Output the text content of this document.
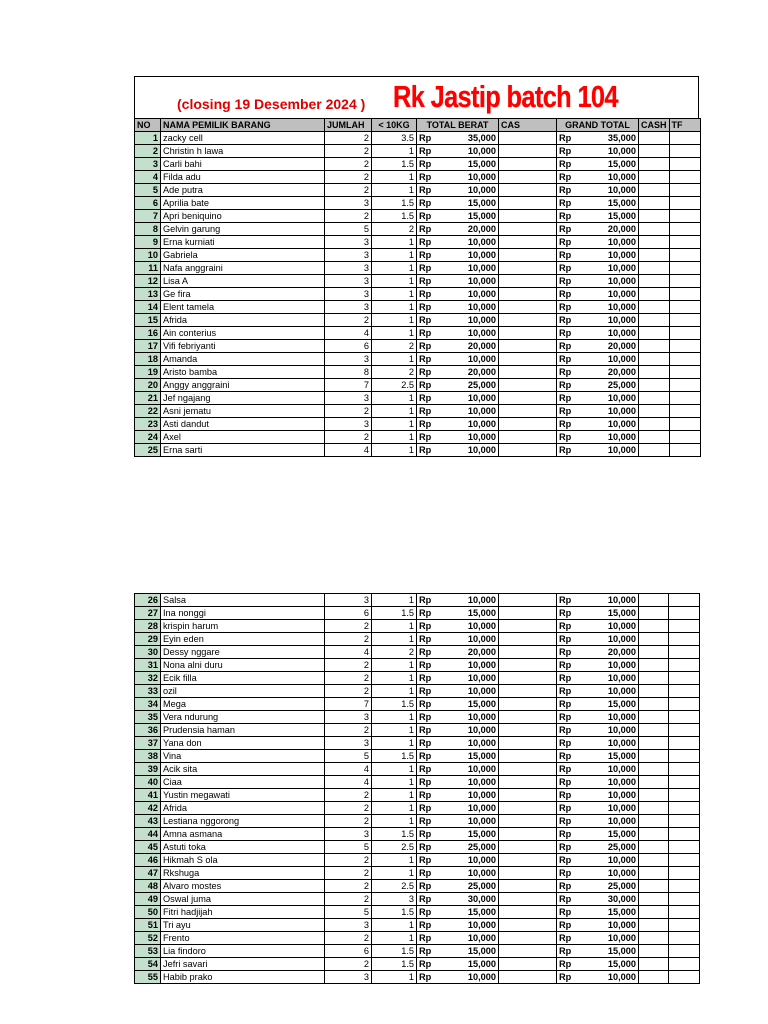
(closing 19 Desember 2024 ) Rk Jastip batch 104
NO	NAMA PEMILIK BARANG	JUMLAH	< 10KG	TOTAL BERAT		CAS	GRAND TOTAL		CASH	TF
1	zacky cell	2	3.5	Rp	35,000		Rp	35,000		
2	Christin h lawa	2	1	Rp	10,000		Rp	10,000		
3	Carli bahi	2	1.5	Rp	15,000		Rp	15,000		
4	Filda adu	2	1	Rp	10,000		Rp	10,000		
5	Ade putra	2	1	Rp	10,000		Rp	10,000		
6	Aprilia bate	3	1.5	Rp	15,000		Rp	15,000		
7	Apri beniquino	2	1.5	Rp	15,000		Rp	15,000		
8	Gelvin garung	5	2	Rp	20,000		Rp	20,000		
9	Erna kurniati	3	1	Rp	10,000		Rp	10,000		
10	Gabriela	3	1	Rp	10,000		Rp	10,000		
11	Nafa anggraini	3	1	Rp	10,000		Rp	10,000		
12	Lisa A	3	1	Rp	10,000		Rp	10,000		
13	Ge fira	3	1	Rp	10,000		Rp	10,000		
14	Elent tamela	3	1	Rp	10,000		Rp	10,000		
15	Afrida	2	1	Rp	10,000		Rp	10,000		
16	Ain conterius	4	1	Rp	10,000		Rp	10,000		
17	Vifi febriyanti	6	2	Rp	20,000		Rp	20,000		
18	Amanda	3	1	Rp	10,000		Rp	10,000		
19	Aristo bamba	8	2	Rp	20,000		Rp	20,000		
20	Anggy anggraini	7	2.5	Rp	25,000		Rp	25,000		
21	Jef ngajang	3	1	Rp	10,000		Rp	10,000		
22	Asni jematu	2	1	Rp	10,000		Rp	10,000		
23	Asti dandut	3	1	Rp	10,000		Rp	10,000		
24	Axel	2	1	Rp	10,000		Rp	10,000		
25	Erna sarti	4	1	Rp	10,000		Rp	10,000		
26	Salsa	3	1	Rp	10,000		Rp	10,000		
27	Ina nonggi	6	1.5	Rp	15,000		Rp	15,000		
28	krispin harum	2	1	Rp	10,000		Rp	10,000		
29	Eyin eden	2	1	Rp	10,000		Rp	10,000		
30	Dessy nggare	4	2	Rp	20,000		Rp	20,000		
31	Nona alni duru	2	1	Rp	10,000		Rp	10,000		
32	Ecik filla	2	1	Rp	10,000		Rp	10,000		
33	ozil	2	1	Rp	10,000		Rp	10,000		
34	Mega	7	1.5	Rp	15,000		Rp	15,000		
35	Vera ndurung	3	1	Rp	10,000		Rp	10,000		
36	Prudensia haman	2	1	Rp	10,000		Rp	10,000		
37	Yana don	3	1	Rp	10,000		Rp	10,000		
38	Vina	5	1.5	Rp	15,000		Rp	15,000		
39	Acik sita	4	1	Rp	10,000		Rp	10,000		
40	Ciaa	4	1	Rp	10,000		Rp	10,000		
41	Yustin megawati	2	1	Rp	10,000		Rp	10,000		
42	Afrida	2	1	Rp	10,000		Rp	10,000		
43	Lestiana nggorong	2	1	Rp	10,000		Rp	10,000		
44	Amna asmana	3	1.5	Rp	15,000		Rp	15,000		
45	Astuti toka	5	2.5	Rp	25,000		Rp	25,000		
46	Hikmah S ola	2	1	Rp	10,000		Rp	10,000		
47	Rkshuga	2	1	Rp	10,000		Rp	10,000		
48	Alvaro mostes	2	2.5	Rp	25,000		Rp	25,000		
49	Oswal juma	2	3	Rp	30,000		Rp	30,000		
50	Fitri hadjijah	5	1.5	Rp	15,000		Rp	15,000		
51	Tri ayu	3	1	Rp	10,000		Rp	10,000		
52	Frento	2	1	Rp	10,000		Rp	10,000		
53	Lia findoro	6	1.5	Rp	15,000		Rp	15,000		
54	Jefri savari	2	1.5	Rp	15,000		Rp	15,000		
55	Habib prako	3	1	Rp	10,000		Rp	10,000		
